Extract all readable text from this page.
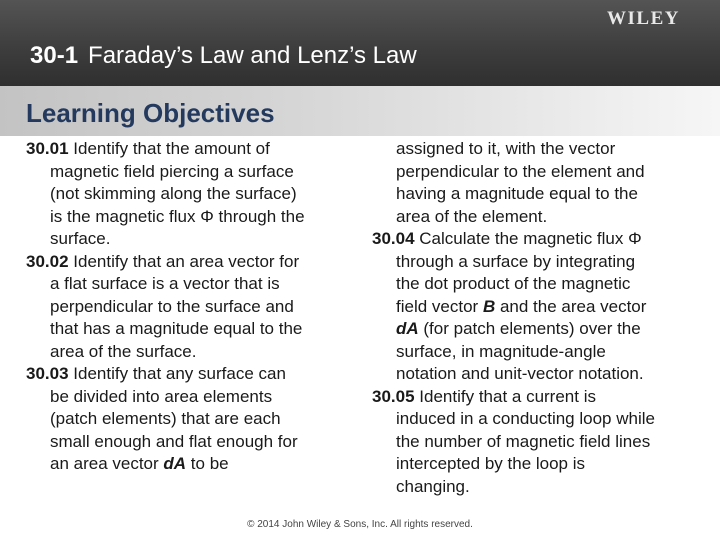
WILEY
30-1 Faraday’s Law and Lenz’s Law
Learning Objectives

30.01 Identify that the amount of
magnetic field piercing a surface
(not skimming along the surface)
is the magnetic flux Φ through the
surface.

30.02 Identify that an area vector for
a flat surface is a vector that is
perpendicular to the surface and
that has a magnitude equal to the
area of the surface.

30.03 Identify that any surface can
be divided into area elements
(patch elements) that are each
small enough and flat enough for
an area vector dA to be

assigned to it, with the vector
perpendicular to the element and
having a magnitude equal to the
area of the element.

30.04 Calculate the magnetic flux Φ
through a surface by integrating
the dot product of the magnetic
field vector B and the area vector
dA (for patch elements) over the
surface, in magnitude-angle
notation and unit-vector notation.

30.05 Identify that a current is
induced in a conducting loop while
the number of magnetic field lines
intercepted by the loop is
changing.

© 2014 John Wiley & Sons, Inc. All rights reserved.
